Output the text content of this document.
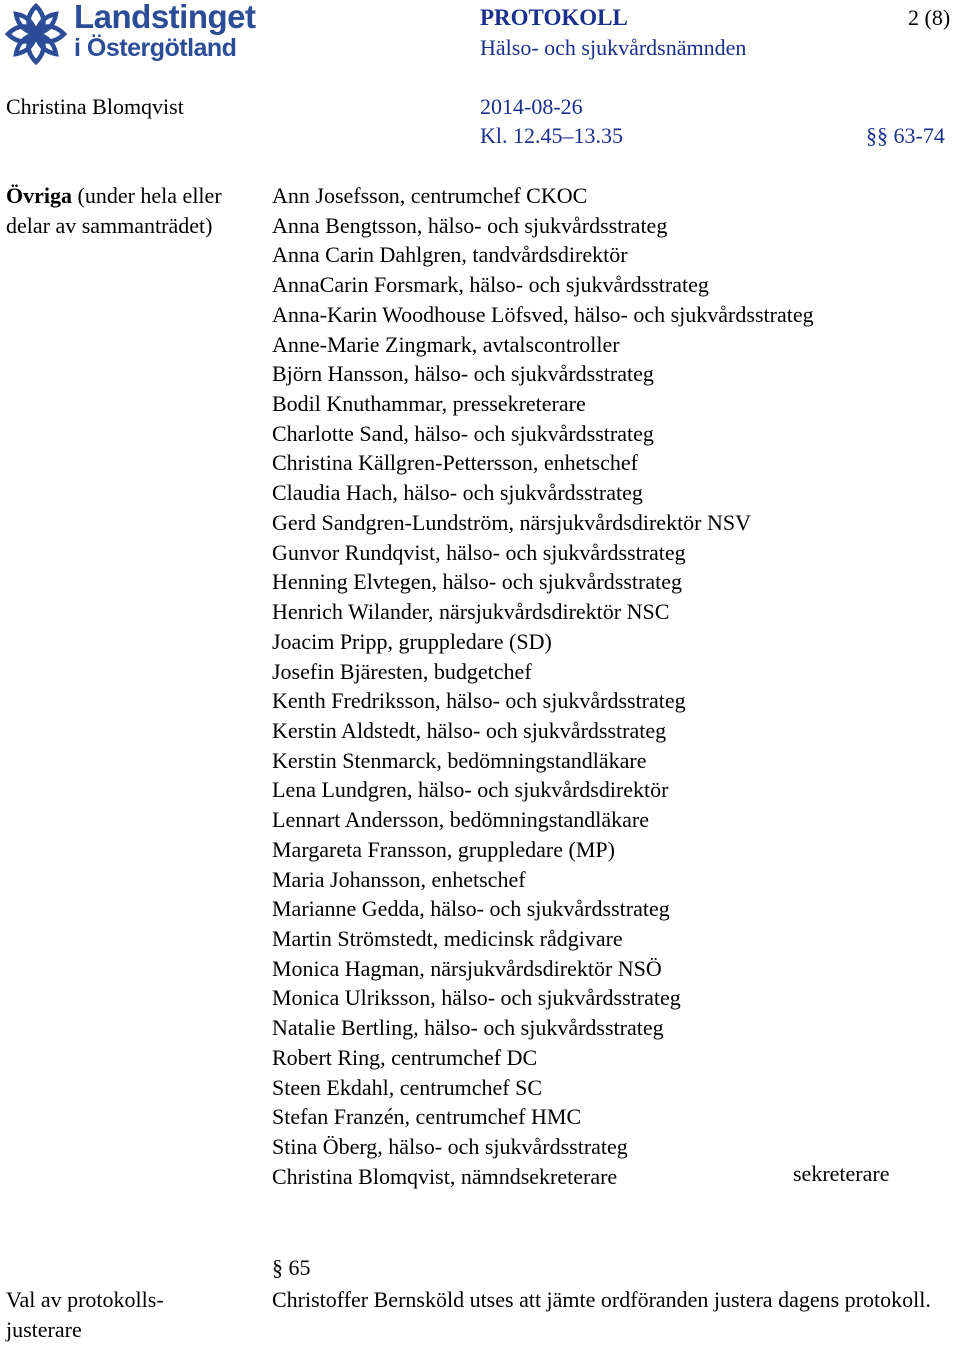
Landstinget
i Östergötland
PROTOKOLL	2 (8)
Hälso- och sjukvårdsnämnden
Christina Blomqvist	2014-08-26
Kl. 12.45–13.35	§§ 63-74
Övriga (under hela eller
delar av sammanträdet)
Ann Josefsson, centrumchef CKOC
Anna Bengtsson, hälso- och sjukvårdsstrateg
Anna Carin Dahlgren, tandvårdsdirektör
AnnaCarin Forsmark, hälso- och sjukvårdsstrateg
Anna-Karin Woodhouse Löfsved, hälso- och sjukvårdsstrateg
Anne-Marie Zingmark, avtalscontroller
Björn Hansson, hälso- och sjukvårdsstrateg
Bodil Knuthammar, pressekreterare
Charlotte Sand, hälso- och sjukvårdsstrateg
Christina Källgren-Pettersson, enhetschef
Claudia Hach, hälso- och sjukvårdsstrateg
Gerd Sandgren-Lundström, närsjukvårdsdirektör NSV
Gunvor Rundqvist, hälso- och sjukvårdsstrateg
Henning Elvtegen, hälso- och sjukvårdsstrateg
Henrich Wilander, närsjukvårdsdirektör NSC
Joacim Pripp, gruppledare (SD)
Josefin Bjäresten, budgetchef
Kenth Fredriksson, hälso- och sjukvårdsstrateg
Kerstin Aldstedt, hälso- och sjukvårdsstrateg
Kerstin Stenmarck, bedömningstandläkare
Lena Lundgren, hälso- och sjukvårdsdirektör
Lennart Andersson, bedömningstandläkare
Margareta Fransson, gruppledare (MP)
Maria Johansson, enhetschef
Marianne Gedda, hälso- och sjukvårdsstrateg
Martin Strömstedt, medicinsk rådgivare
Monica Hagman, närsjukvårdsdirektör NSÖ
Monica Ulriksson, hälso- och sjukvårdsstrateg
Natalie Bertling, hälso- och sjukvårdsstrateg
Robert Ring, centrumchef DC
Steen Ekdahl, centrumchef SC
Stefan Franzén, centrumchef HMC
Stina Öberg, hälso- och sjukvårdsstrateg
Christina Blomqvist, nämndsekreterare	sekreterare
Val av protokolls-
justerare
§ 65
Christoffer Bernsköld utses att jämte ordföranden justera dagens protokoll.
